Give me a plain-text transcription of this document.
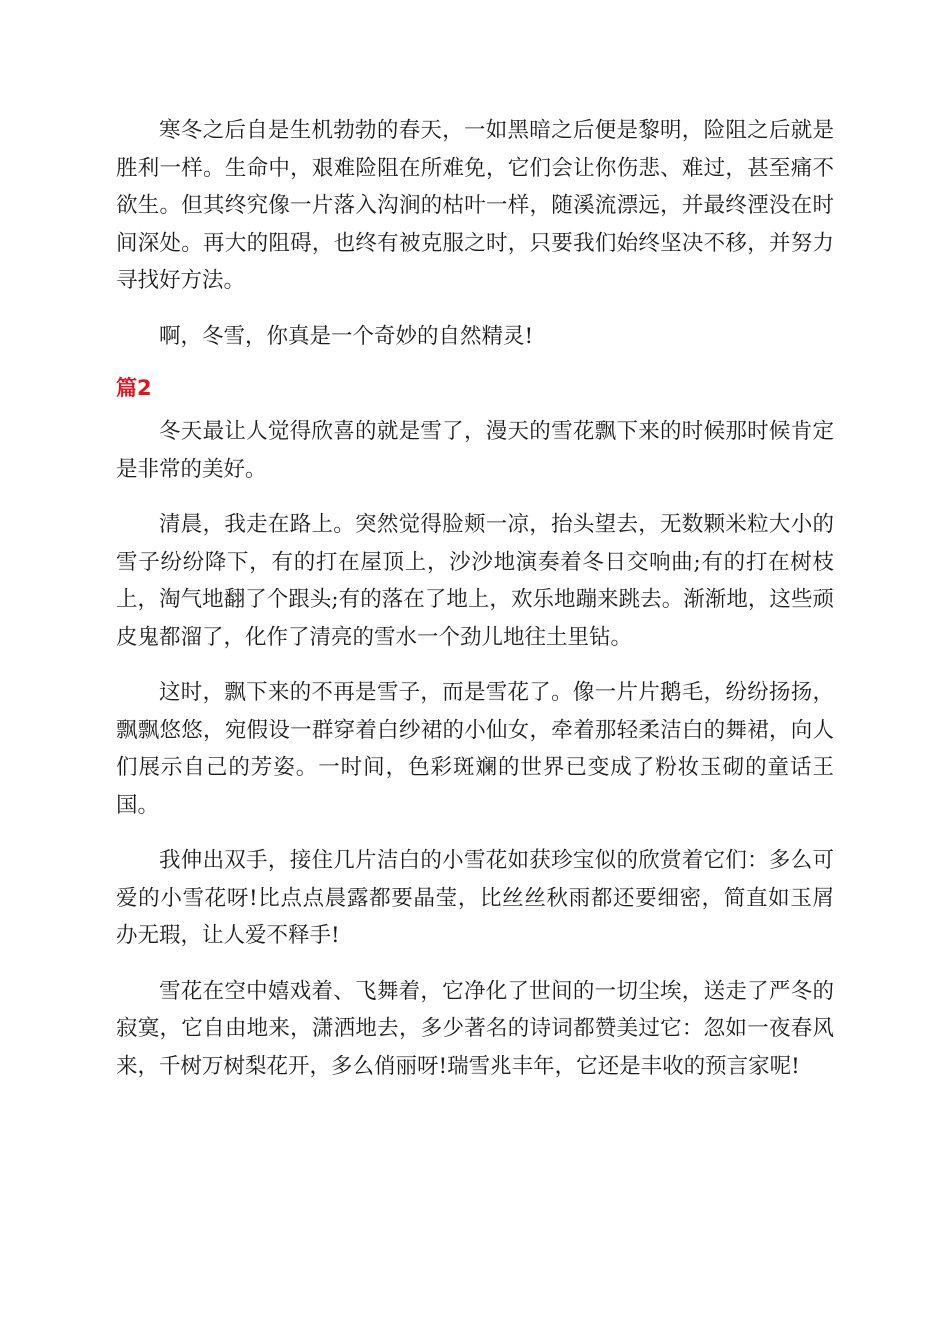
寒冬之后自是生机勃勃的春天，一如黑暗之后便是黎明，险阻之后就是胜利一样。生命中，艰难险阻在所难免，它们会让你伤悲、难过，甚至痛不欲生。但其终究像一片落入沟涧的枯叶一样，随溪流漂远，并最终湮没在时间深处。再大的阻碍，也终有被克服之时，只要我们始终坚决不移，并努力寻找好方法。

啊，冬雪，你真是一个奇妙的自然精灵!

篇2

冬天最让人觉得欣喜的就是雪了，漫天的雪花飘下来的时候那时候肯定是非常的美好。

清晨，我走在路上。突然觉得脸颊一凉，抬头望去，无数颗米粒大小的雪子纷纷降下，有的打在屋顶上，沙沙地演奏着冬日交响曲;有的打在树枝上，淘气地翻了个跟头;有的落在了地上，欢乐地蹦来跳去。渐渐地，这些顽皮鬼都溜了，化作了清亮的雪水一个劲儿地往土里钻。

这时，飘下来的不再是雪子，而是雪花了。像一片片鹅毛，纷纷扬扬，飘飘悠悠，宛假设一群穿着白纱裙的小仙女，牵着那轻柔洁白的舞裙，向人们展示自己的芳姿。一时间，色彩斑斓的世界已变成了粉妆玉砌的童话王国。

我伸出双手，接住几片洁白的小雪花如获珍宝似的欣赏着它们：多么可爱的小雪花呀!比点点晨露都要晶莹，比丝丝秋雨都还要细密，简直如玉屑办无瑕，让人爱不释手!

雪花在空中嬉戏着、飞舞着，它净化了世间的一切尘埃，送走了严冬的寂寞，它自由地来，潇洒地去，多少著名的诗词都赞美过它：忽如一夜春风来，千树万树梨花开，多么俏丽呀!瑞雪兆丰年，它还是丰收的预言家呢!
